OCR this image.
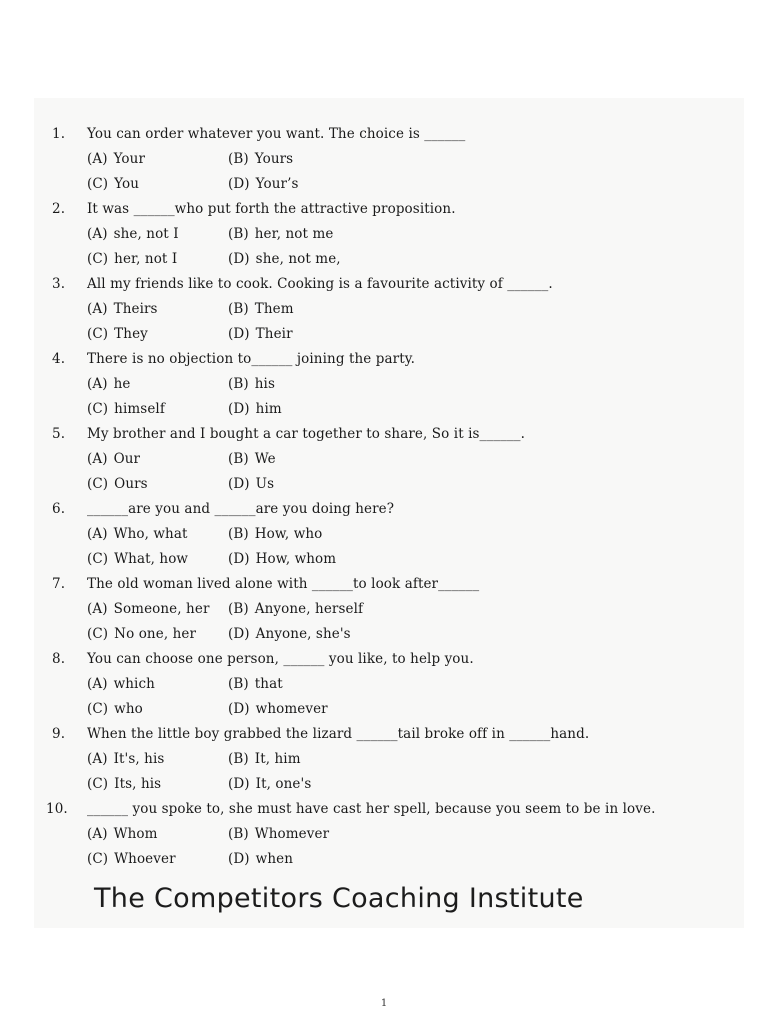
1.	You can order whatever you want. The choice is ______
(A) Your	(B) Yours
(C) You	(D) Your’s
2.	It was ______who put forth the attractive proposition.
(A) she, not I	(B) her, not me
(C) her, not I	(D) she, not me,
3.	All my friends like to cook. Cooking is a favourite activity of ______.
(A) Theirs	(B) Them
(C) They	(D) Their
4.	There is no objection to______ joining the party.
(A) he	(B) his
(C) himself	(D) him
5.	My brother and I bought a car together to share, So it is______.
(A) Our	(B) We
(C) Ours	(D) Us
6.	______are you and ______are you doing here?
(A) Who, what	(B) How, who
(C) What, how	(D) How, whom
7.	The old woman lived alone with ______to look after______
(A) Someone, her (B) Anyone, herself
(C) No one, her (D) Anyone, she's
8.	You can choose one person, ______ you like, to help you.
(A) which	(B) that
(C) who	(D) whomever
9.	When the little boy grabbed the lizard ______tail broke off in ______hand.
(A) It's, his	(B) It, him
(C) Its, his	(D) It, one's
10.	______ you spoke to, she must have cast her spell, because you seem to be in love.
(A) Whom	(B) Whomever
(C) Whoever	(D) when
The Competitors Coaching Institute
1
